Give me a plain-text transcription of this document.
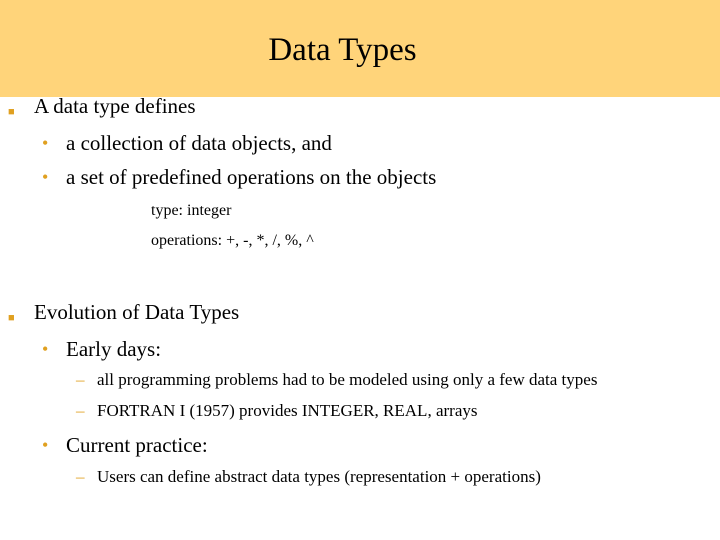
Data Types
■ A data type defines
• a collection of data objects, and
• a set of predefined operations on the objects
type: integer
operations: +, -, *, /, %, ^
■ Evolution of Data Types
• Early days:
– all programming problems had to be modeled using only a few data types
– FORTRAN I (1957) provides INTEGER, REAL, arrays
• Current practice:
– Users can define abstract data types (representation + operations)
